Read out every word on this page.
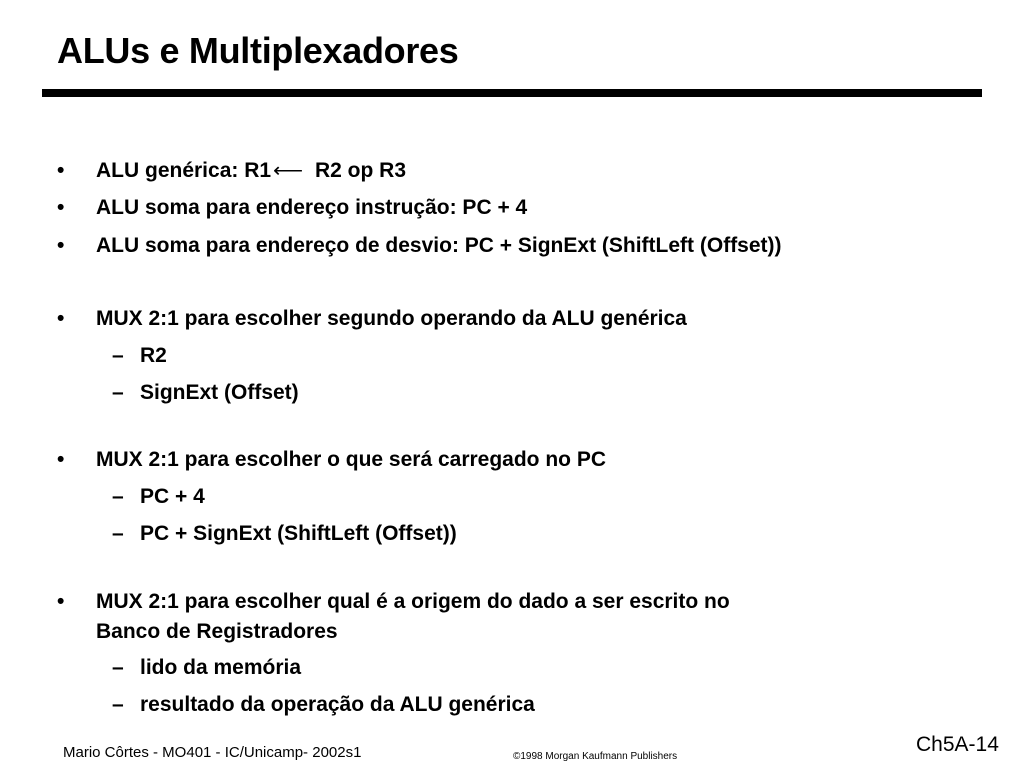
ALUs e Multiplexadores
• ALU genérica: R1⟵ R2 op R3
• ALU soma para endereço instrução: PC + 4
• ALU soma para endereço de desvio: PC + SignExt (ShiftLeft (Offset))
• MUX 2:1 para escolher segundo operando da ALU genérica
– R2
– SignExt (Offset)
• MUX 2:1 para escolher o que será carregado no PC
– PC + 4
– PC + SignExt (ShiftLeft (Offset))
• MUX 2:1 para escolher qual é a origem do dado a ser escrito no
Banco de Registradores
– lido da memória
– resultado da operação da ALU genérica
Mario Côrtes - MO401 - IC/Unicamp- 2002s1	©1998 Morgan Kaufmann Publishers
Ch5A-14
